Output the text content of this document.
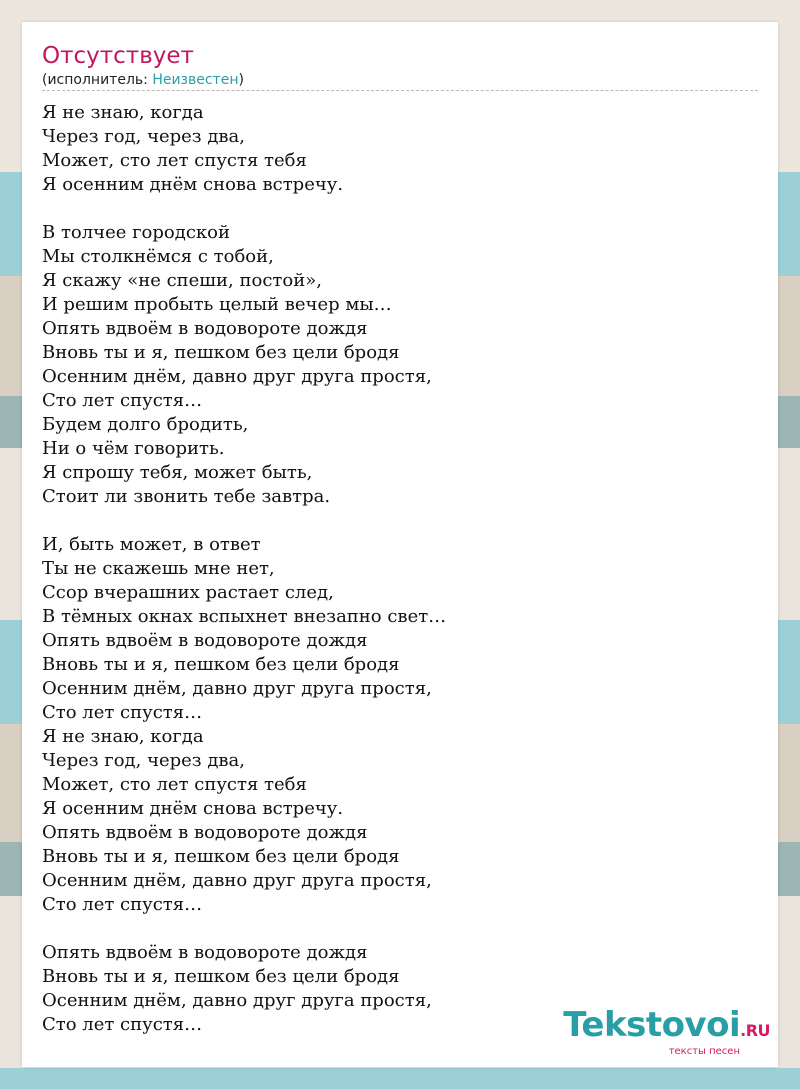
Отсутствует
(исполнитель: Неизвестен)
Я не знаю, когда
Через год, через два,
Может, сто лет спустя тебя
Я осенним днём снова встречу.
В толчее городской
Мы столкнёмся с тобой,
Я скажу «не спеши, постой»,
И решим пробыть целый вечер мы…
Опять вдвоём в водовороте дождя
Вновь ты и я, пешком без цели бродя
Осенним днём, давно друг друга простя,
Сто лет спустя…
Будем долго бродить,
Ни о чём говорить.
Я спрошу тебя, может быть,
Стоит ли звонить тебе завтра.
И, быть может, в ответ
Ты не скажешь мне нет,
Ссор вчерашних растает след,
В тёмных окнах вспыхнет внезапно свет…
Опять вдвоём в водовороте дождя
Вновь ты и я, пешком без цели бродя
Осенним днём, давно друг друга простя,
Сто лет спустя…
Я не знаю, когда
Через год, через два,
Может, сто лет спустя тебя
Я осенним днём снова встречу.
Опять вдвоём в водовороте дождя
Вновь ты и я, пешком без цели бродя
Осенним днём, давно друг друга простя,
Сто лет спустя…
Опять вдвоём в водовороте дождя
Вновь ты и я, пешком без цели бродя
Осенним днём, давно друг друга простя,
Сто лет спустя…	Tekstovoi.RU
тексты песен
